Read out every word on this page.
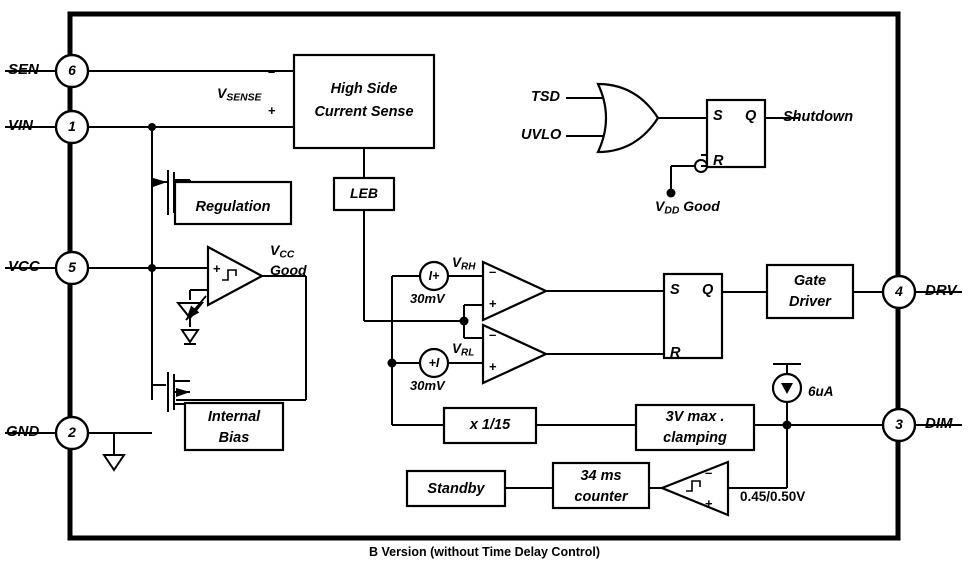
SEN 6
VIN	1
VCC 5
GND 2
DRV
4
DIM
3
High Side
Current Sense
$V_{SENSE}$
–
+
LEB
Regulation
Internal
Bias
$V_{CC}$
Good
+
TSD
UVLO
Shutdown
S Q
R
$V_{DD}$ Good
I+
+I
30mV
30mV
$V_{RH}$
$V_{RL}$
–
+
–
+
S Q
R
Gate
Driver
x 1/15	3V max .
clamping
6uA
Standby
34 ms
counter
–
+ 0.45/0.50V
B Version (without Time Delay Control)
